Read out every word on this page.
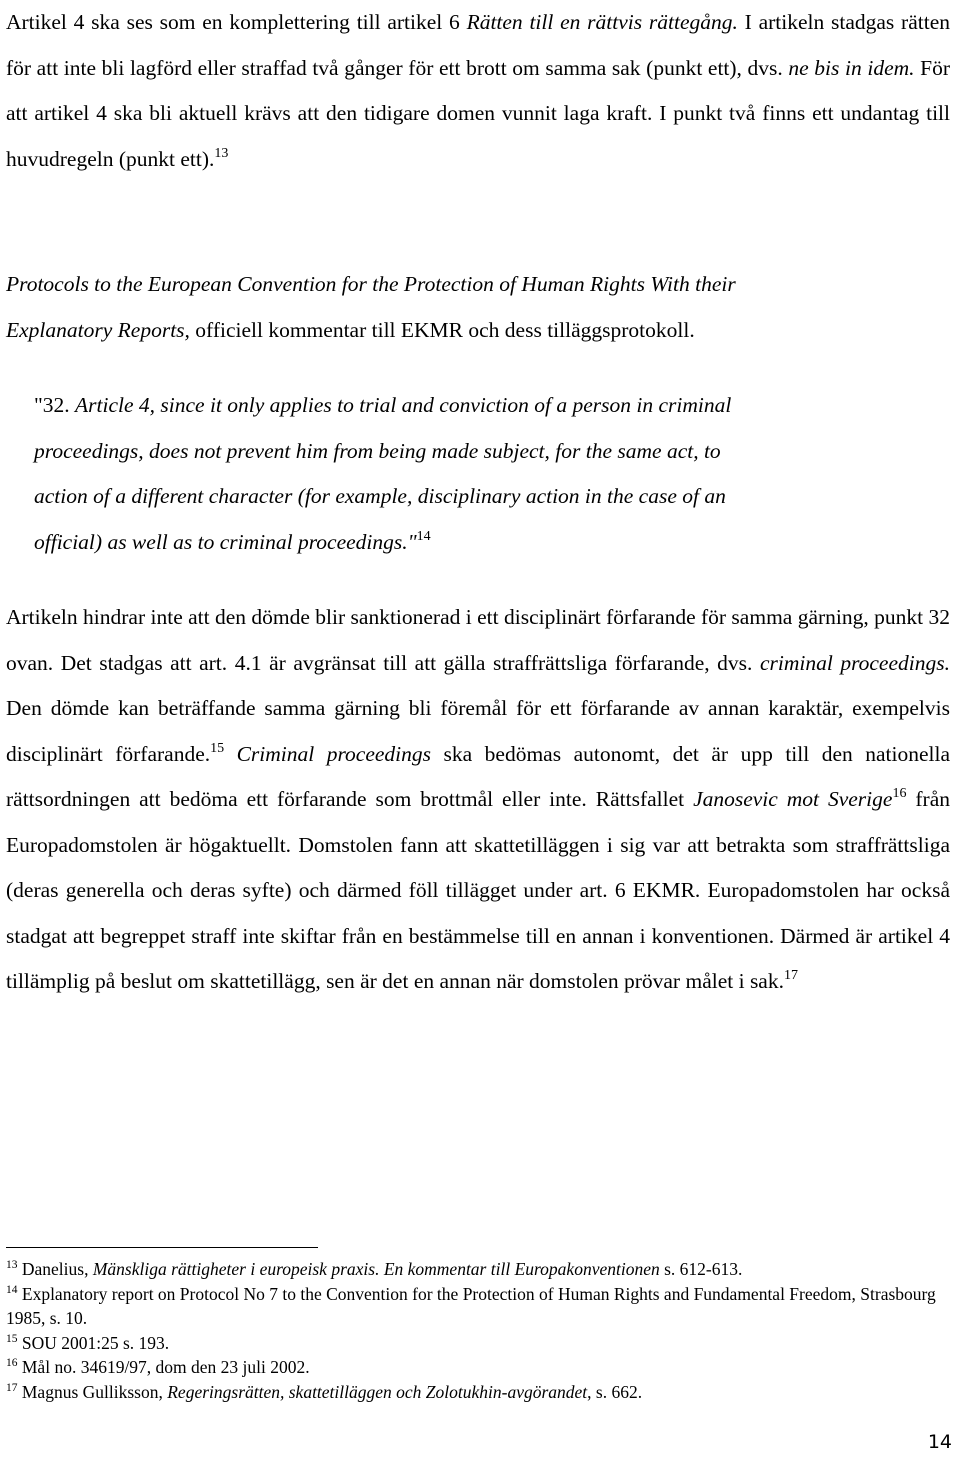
Artikel 4 ska ses som en komplettering till artikel 6 Rätten till en rättvis rättegång. I artikeln stadgas rätten för att inte bli lagförd eller straffad två gånger för ett brott om samma sak (punkt ett), dvs. ne bis in idem. För att artikel 4 ska bli aktuell krävs att den tidigare domen vunnit laga kraft. I punkt två finns ett undantag till huvudregeln (punkt ett).$^{13}$

Protocols to the European Convention for the Protection of Human Rights With their
Explanatory Reports, officiell kommentar till EKMR och dess tilläggsprotokoll.

"32. Article 4, since it only applies to trial and conviction of a person in criminal
proceedings, does not prevent him from being made subject, for the same act, to
action of a different character (for example, disciplinary action in the case of an
official) as well as to criminal proceedings."$^{14}$

Artikeln hindrar inte att den dömde blir sanktionerad i ett disciplinärt förfarande för samma gärning, punkt 32 ovan. Det stadgas att art. 4.1 är avgränsat till att gälla straffrättsliga förfarande, dvs. criminal proceedings. Den dömde kan beträffande samma gärning bli föremål för ett förfarande av annan karaktär, exempelvis disciplinärt förfarande.$^{15}$ Criminal proceedings ska bedömas autonomt, det är upp till den nationella rättsordningen att bedöma ett förfarande som brottmål eller inte. Rättsfallet Janosevic mot Sverige$^{16}$ från Europadomstolen är högaktuellt. Domstolen fann att skattetilläggen i sig var att betrakta som straffrättsliga (deras generella och deras syfte) och därmed föll tillägget under art. 6 EKMR. Europadomstolen har också stadgat att begreppet straff inte skiftar från en bestämmelse till en annan i konventionen. Därmed är artikel 4 tillämplig på beslut om skattetillägg, sen är det en annan när domstolen prövar målet i sak.$^{17}$

$^{13}$ Danelius, Mänskliga rättigheter i europeisk praxis. En kommentar till Europakonventionen s. 612-613.
$^{14}$ Explanatory report on Protocol No 7 to the Convention for the Protection of Human Rights and Fundamental Freedom, Strasbourg 1985, s. 10.
$^{15}$ SOU 2001:25 s. 193.
$^{16}$ Mål no. 34619/97, dom den 23 juli 2002.
$^{17}$ Magnus Gulliksson, Regeringsrätten, skattetilläggen och Zolotukhin-avgörandet, s. 662.
14
